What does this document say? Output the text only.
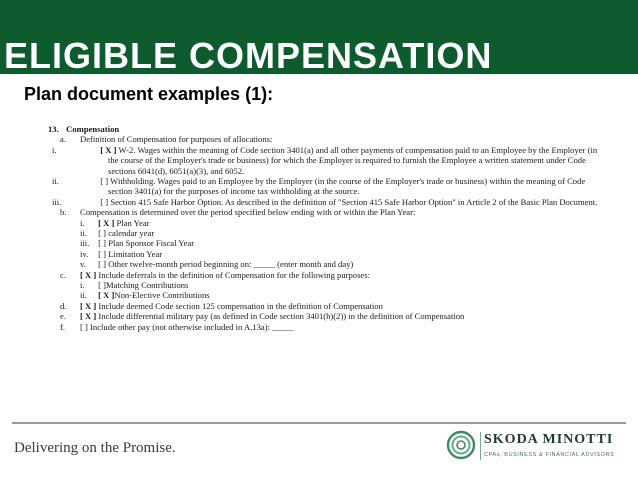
ELIGIBLE COMPENSATION
Plan document examples (1):
13. Compensation
a. Definition of Compensation for purposes of allocations:
i.	[ X ] W-2. Wages within the meaning of Code section 3401(a) and all other payments of compensation paid to an Employee by the Employer (in the course of the Employer's trade or business) for which the Employer is required to furnish the Employee a written statement under Code sections 6041(d), 6051(a)(3), and 6052.
ii.	[ ] Withholding. Wages paid to an Employee by the Employer (in the course of the Employer's trade or business) within the meaning of Code section 3401(a) for the purposes of income tax withholding at the source.
iii.	[ ] Section 415 Safe Harbor Option. As described in the definition of "Section 415 Safe Harbor Option" in Article 2 of the Basic Plan Document.
b. Compensation is determined over the period specified below ending with or within the Plan Year:
i. [ X ] Plan Year
ii. [ ] calendar year
iii. [ ] Plan Sponsor Fiscal Year
iv. [ ] Limitation Year
v. [ ] Other twelve-month period beginning on: _____ (enter month and day)
c. [ X ] Include deferrals in the definition of Compensation for the following purposes:
i. [ ]Matching Contributions
ii. [ X ]Non-Elective Contributions
d. [ X ] Include deemed Code section 125 compensation in the definition of Compensation
e. [ X ] Include differential military pay (as defined in Code section 3401(h)(2)) in the definition of Compensation
f. [ ] Include other pay (not otherwise included in A.13a): _____
Delivering on the Promise.
SKODA MINOTTI
CPAs, BUSINESS & FINANCIAL ADVISORS
